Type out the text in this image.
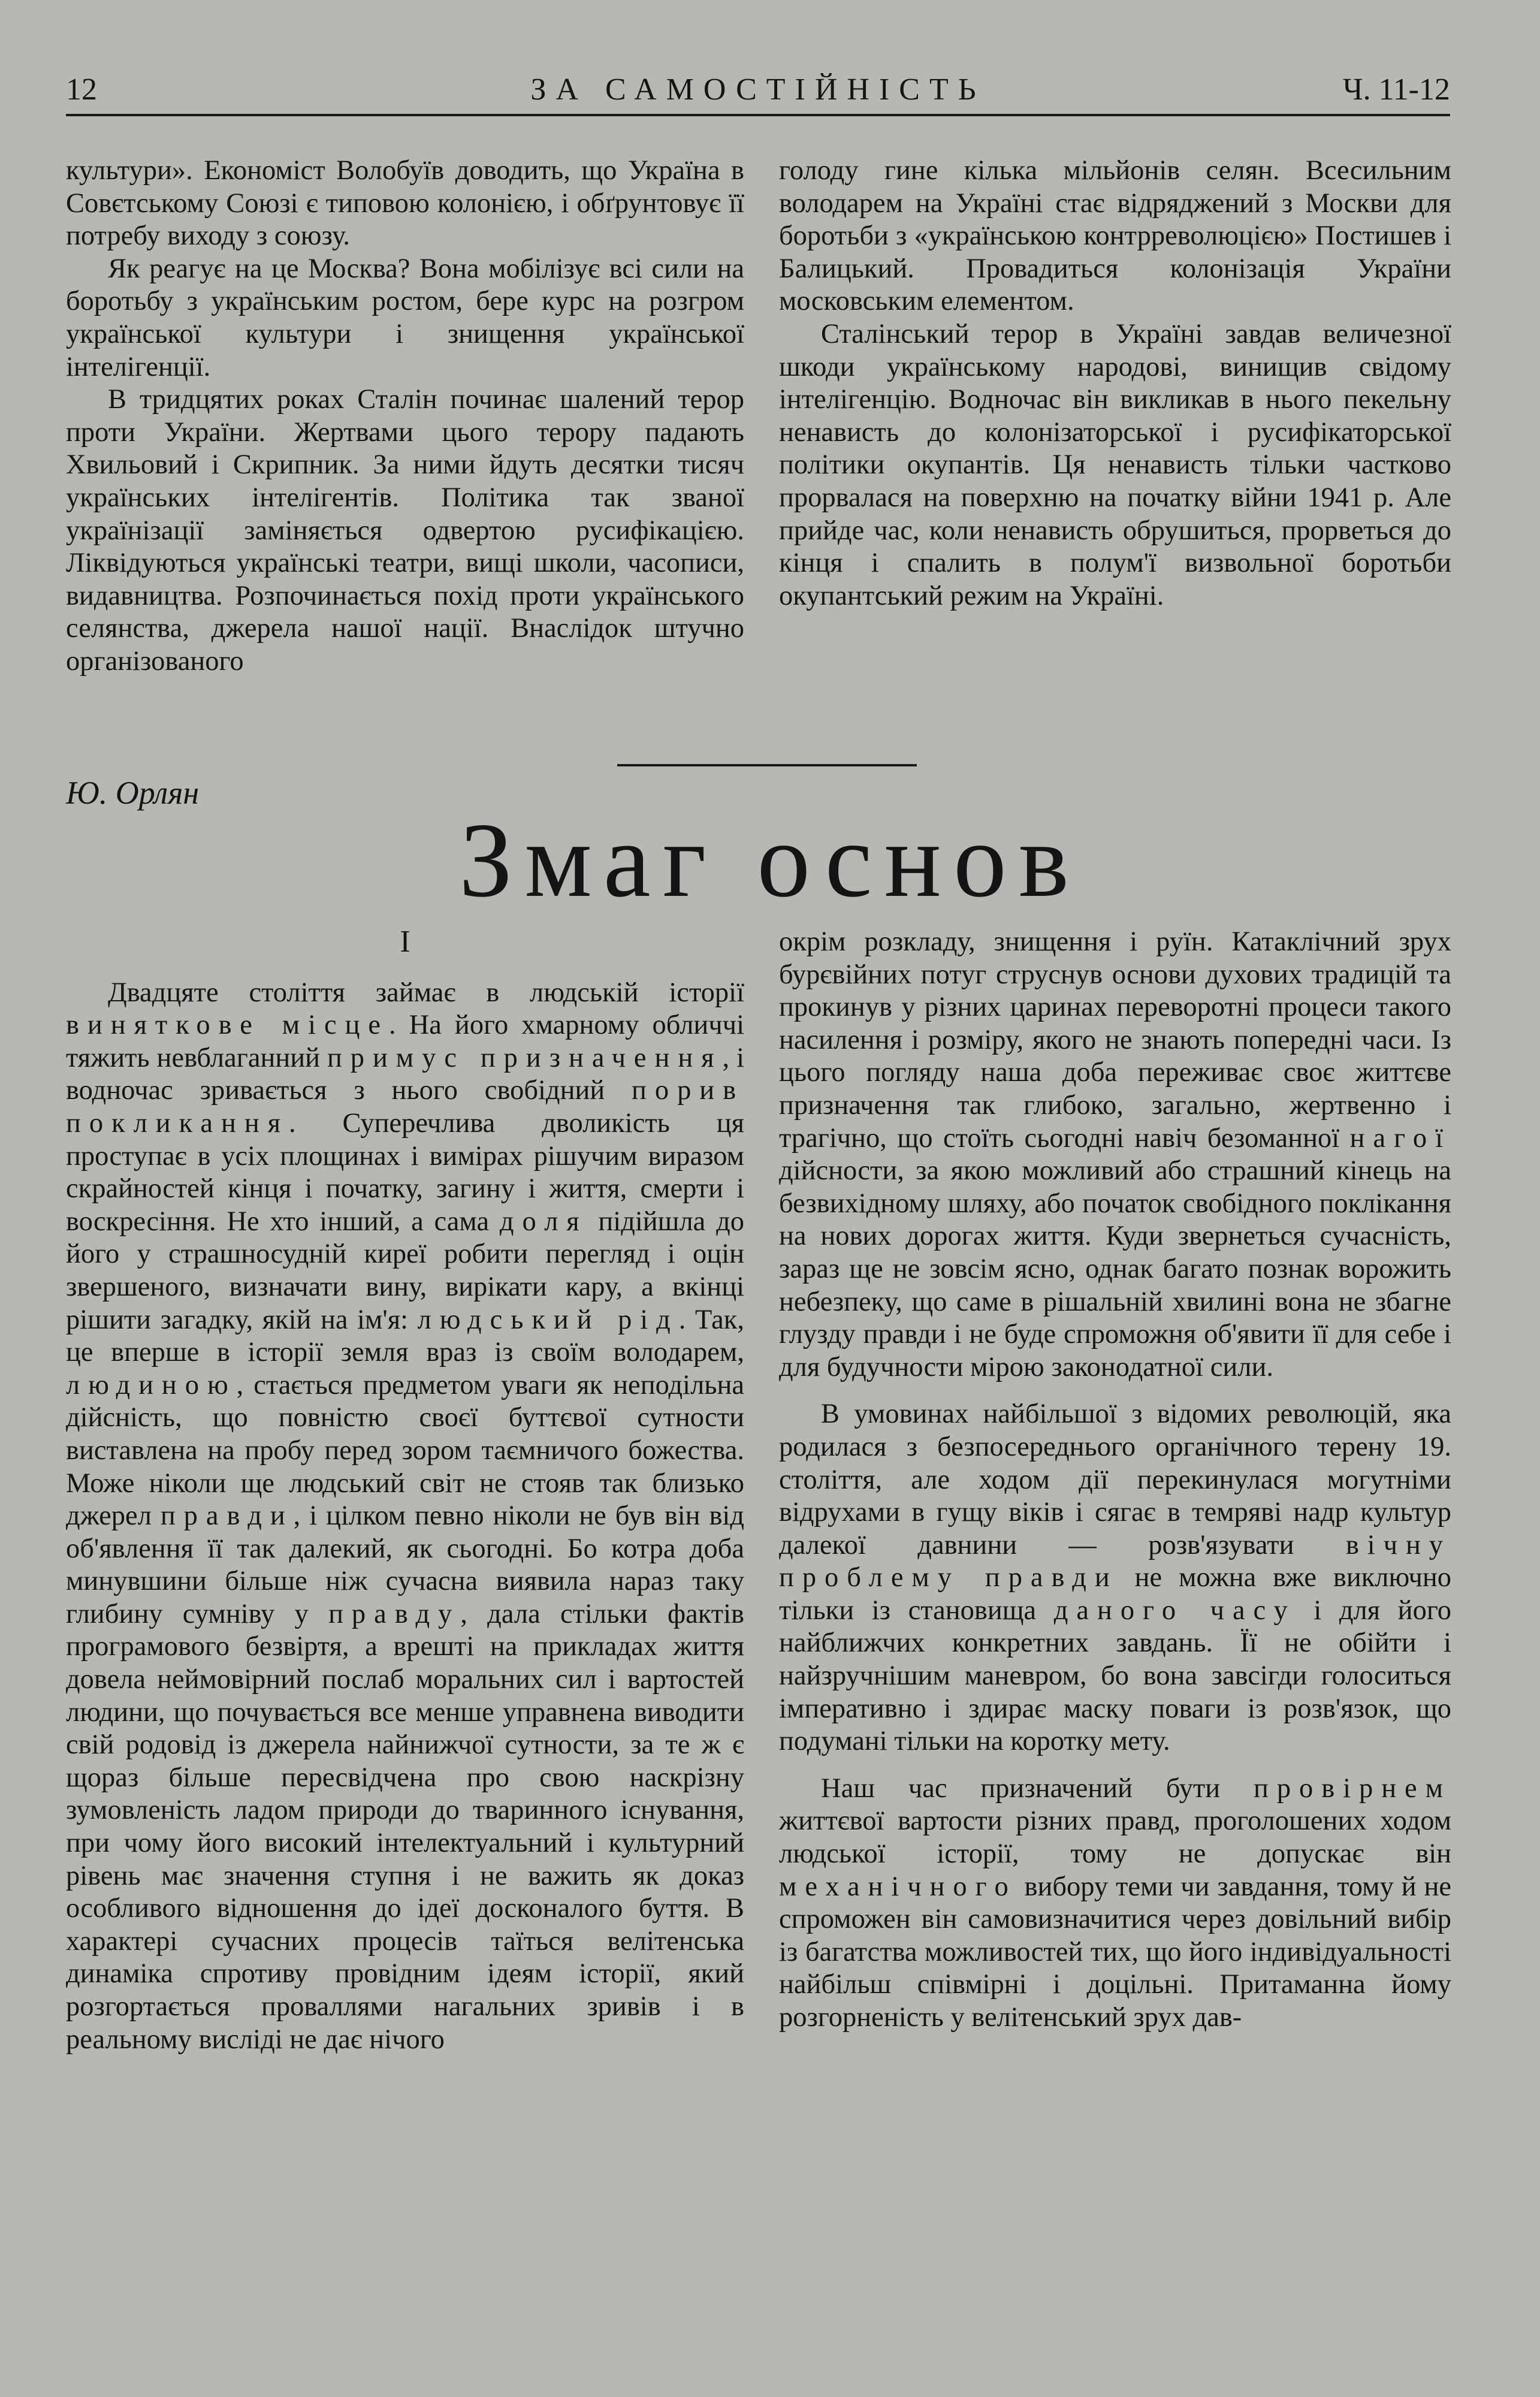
12	ЗА САМОСТІЙНІСТЬ	Ч. 11-12

культури». Економіст Волобуїв доводить, що Україна в Совєтському Союзі є типовою колонією, і обґрунтовує її потребу виходу з союзу.

Як реагує на це Москва? Вона мобілізує всі сили на боротьбу з українським ростом, бере курс на розгром української культури і знищення української інтелігенції.

В тридцятих роках Сталін починає шалений терор проти України. Жертвами цього терору падають Хвильовий і Скрипник. За ними йдуть десятки тисяч українських інтелігентів. Політика так званої українізації заміняється одвертою русифікацією. Ліквідуються українські театри, вищі школи, часописи, видавництва. Розпочинається похід проти українського селянства, джерела нашої нації. Внаслідок штучно організованого

голоду гине кілька мільйонів селян. Всесильним володарем на Україні стає відряджений з Москви для боротьби з «українською контрреволюцією» Постишев і Балицький. Провадиться колонізація України московським елементом.

Сталінський терор в Україні завдав величезної шкоди українському народові, винищив свідому інтелігенцію. Водночас він викликав в нього пекельну ненависть до колонізаторської і русифікаторської політики окупантів. Ця ненависть тільки частково прорвалася на поверхню на початку війни 1941 р. Але прийде час, коли ненависть обрушиться, прорветься до кінця і спалить в полум'ї визвольної боротьби окупантський режим на Україні.

Ю. Орлян
Змаг основ

I

Двадцяте століття займає в людській історії виняткове місце. На його хмарному обличчі тяжить невблаганний примус призначення, і водночас зривається з нього свобідний порив покликання. Суперечлива дволикість ця проступає в усіх площинах і вимірах рішучим виразом скрайностей кінця і початку, загину і життя, смерти і воскресіння. Не хто інший, а сама доля підійшла до його у страшносудній киреї робити перегляд і оцін звершеного, визначати вину, вирікати кару, а вкінці рішити загадку, якій на ім'я: людський рід. Так, це вперше в історії земля враз із своїм володарем, людиною, стається предметом уваги як неподільна дійсність, що повністю своєї буттєвої сутности виставлена на пробу перед зором таємничого божества. Може ніколи ще людський світ не стояв так близько джерел правди, і цілком певно ніколи не був він від об'явлення її так далекий, як сьогодні. Бо котра доба минувшини більше ніж сучасна виявила нараз таку глибину сумніву у правду, дала стільки фактів програмового безвіртя, а врешті на прикладах життя довела неймовірний послаб моральних сил і вартостей людини, що почувається все менше управнена виводити свій родовід із джерела найнижчої сутности, за те ж є щораз більше пересвідчена про свою наскрізну зумовленість ладом природи до тваринного існування, при чому його високий інтелектуальний і культурний рівень має значення ступня і не важить як доказ особливого відношення до ідеї досконалого буття. В характері сучасних процесів таїться велітенська динаміка спротиву провідним ідеям історії, який розгортається проваллями нагальних зривів і в реальному висліді не дає нічого

окрім розкладу, знищення і руїн. Катаклічний зрух бурєвійних потуг струснув основи духових традицій та прокинув у різних царинах переворотні процеси такого насилення і розміру, якого не знають попередні часи. Із цього погляду наша доба переживає своє життєве призначення так глибоко, загально, жертвенно і трагічно, що стоїть сьогодні навіч безоманної нагої дійсности, за якою можливий або страшний кінець на безвихідному шляху, або початок свобідного поклікання на нових дорогах життя. Куди звернеться сучасність, зараз ще не зовсім ясно, однак багато познак ворожить небезпеку, що саме в рішальній хвилині вона не збагне глузду правди і не буде спроможня об'явити її для себе і для будучности мірою законодатної сили.

В умовинах найбільшої з відомих революцій, яка родилася з безпосереднього органічного терену 19. століття, але ходом дії перекинулася могутніми відрухами в гущу віків і сягає в темряві надр культур далекої давнини — розв'язувати вічну проблему правди не можна вже виключно тільки із становища даного часу і для його найближчих конкретних завдань. Її не обійти і найзручнішим маневром, бо вона завсігди голоситься імперативно і здирає маску поваги із розв'язок, що подумані тільки на коротку мету.

Наш час призначений бути провірнем життєвої вартости різних правд, проголошених ходом людської історії, тому не допускає він механічного вибору теми чи завдання, тому й не спроможен він самовизначитися через довільний вибір із багатства можливостей тих, що його індивідуальності найбільш співмірні і доцільні. Притаманна йому розгорненість у велітенський зрух дав-
